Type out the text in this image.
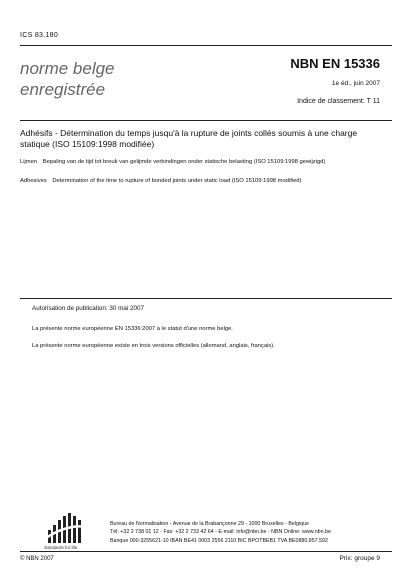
ICS 83.180
norme belge
enregistrée
NBN EN 15336
1e éd., juin 2007
Indice de classement: T 11
Adhésifs - Détermination du temps jusqu'à la rupture de joints collés soumis à une charge statique (ISO 15109:1998 modifiée)
Lijmen Bepaling van de tijd tot breuk van gelijmde verbindingen onder statische belasting (ISO 15109:1998 gewijzigd)
Adhesives Determination of the time to rupture of bonded joints under static load (ISO 15109:1998 modified)
Autorisation de publication: 30 mai 2007
La présente norme européenne EN 15336:2007 a le statut d'une norme belge.
La présente norme européenne existe en trois versions officielles (allemand, anglais, français).
standards for life
Bureau de Normalisation - Avenue de la Brabançonne 29 - 1000 Bruxelles - Belgique
Tél: +32 2 738 01 12 - Fax: +32 2 733 42 64 - E-mail: info@nbn.be - NBN Online: www.nbn.be
Banque 000-3255621-10 IBAN BE41 0003 2556 2110 BIC BPOTBEB1 TVA BE0880.857.592
© NBN 2007	Prix: groupe 9
